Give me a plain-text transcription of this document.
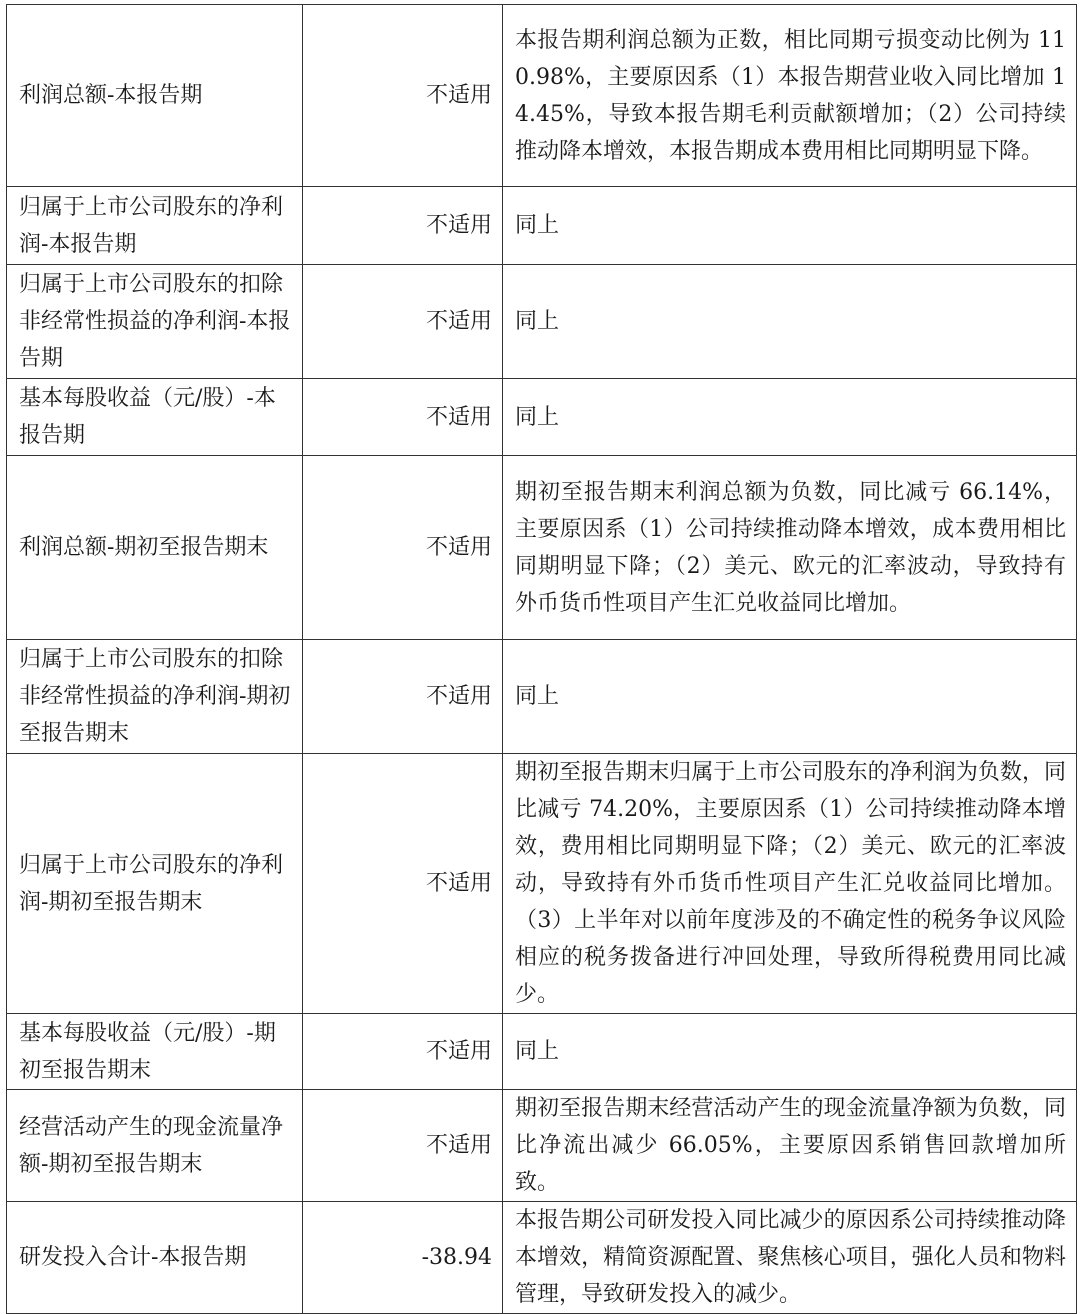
利润总额-本报告期	不适用	本报告期利润总额为正数，相比同期亏损变动比例为 110.98%，主要原因系（1）本报告期营业收入同比增加 14.45%，导致本报告期毛利贡献额增加；（2）公司持续推动降本增效，本报告期成本费用相比同期明显下降。
归属于上市公司股东的净利润-本报告期	不适用	同上
归属于上市公司股东的扣除非经常性损益的净利润-本报告期	不适用	同上
基本每股收益（元/股）-本报告期	不适用	同上
利润总额-期初至报告期末	不适用	期初至报告期末利润总额为负数，同比减亏 66.14%，主要原因系（1）公司持续推动降本增效，成本费用相比同期明显下降；（2）美元、欧元的汇率波动，导致持有外币货币性项目产生汇兑收益同比增加。
归属于上市公司股东的扣除非经常性损益的净利润-期初至报告期末	不适用	同上
归属于上市公司股东的净利润-期初至报告期末	不适用	期初至报告期末归属于上市公司股东的净利润为负数，同比减亏 74.20%，主要原因系（1）公司持续推动降本增效，费用相比同期明显下降；（2）美元、欧元的汇率波动，导致持有外币货币性项目产生汇兑收益同比增加。（3）上半年对以前年度涉及的不确定性的税务争议风险相应的税务拨备进行冲回处理，导致所得税费用同比减少。
基本每股收益（元/股）-期初至报告期末	不适用	同上
经营活动产生的现金流量净额-期初至报告期末	不适用	期初至报告期末经营活动产生的现金流量净额为负数，同比净流出减少 66.05%，主要原因系销售回款增加所致。
研发投入合计-本报告期	-38.94	本报告期公司研发投入同比减少的原因系公司持续推动降本增效，精简资源配置、聚焦核心项目，强化人员和物料管理，导致研发投入的减少。
